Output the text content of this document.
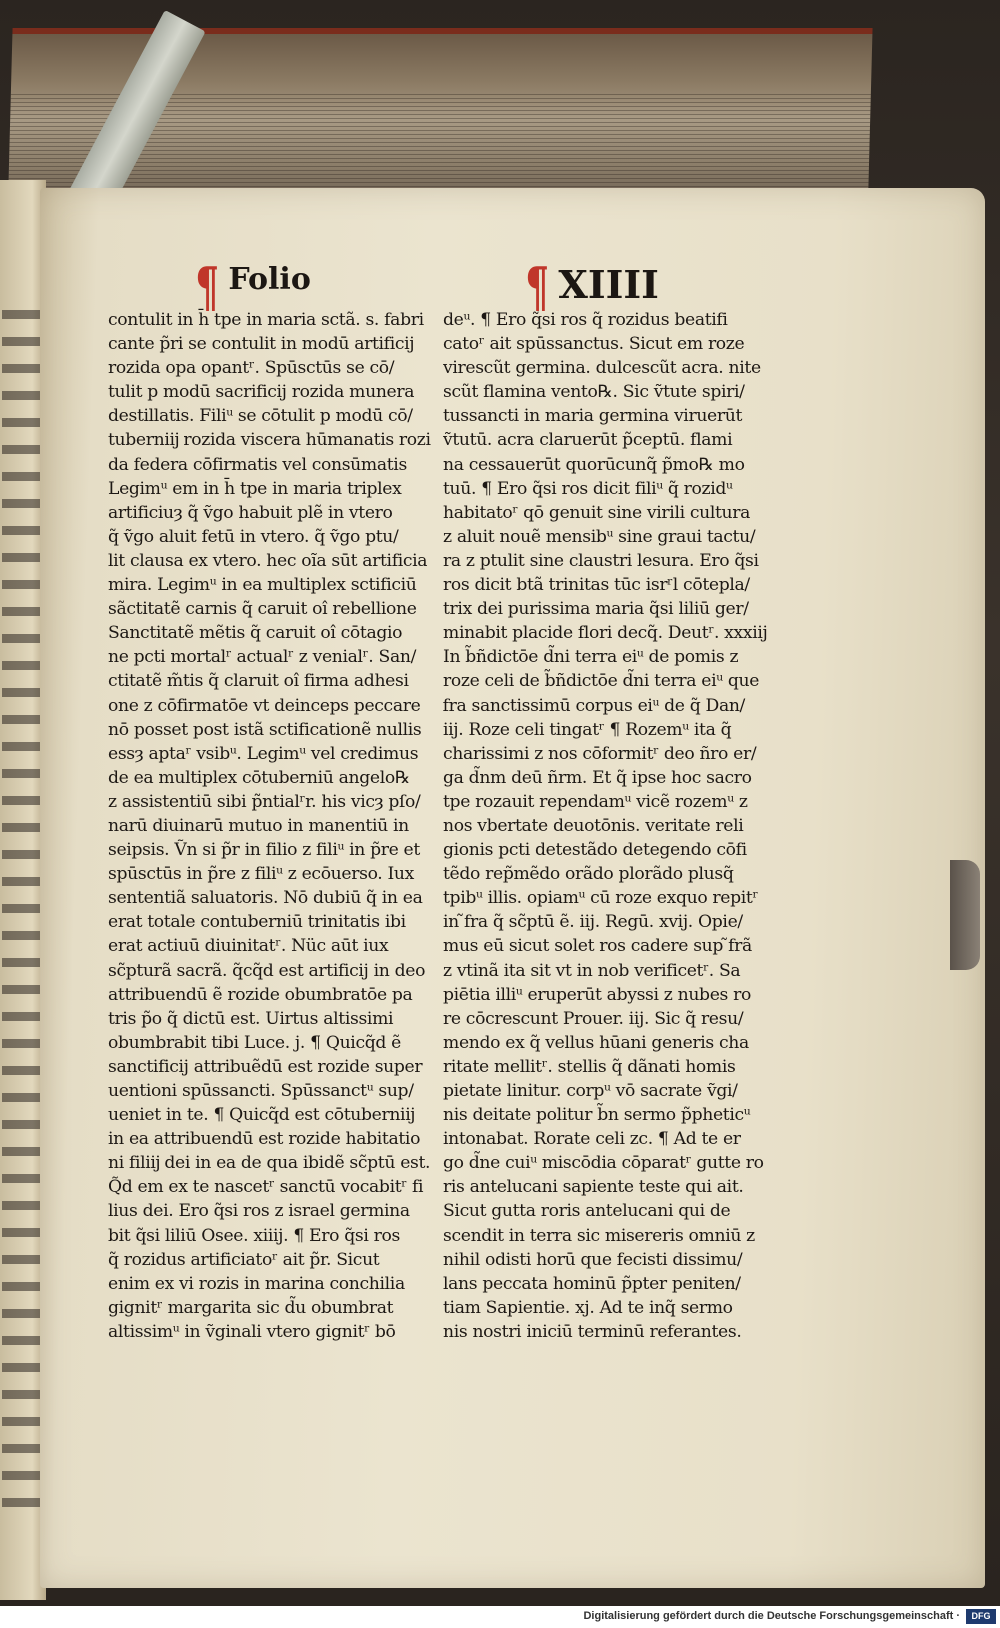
¶ Folio	¶ XIIII
contulit in h̄ tpe in maria sctã. s. fabri
cante p̃ri se contulit in modū artificij
rozida opa opantʳ. Spūsctūs se cō/
tulit p modū sacrificij rozida munera
destillatis. Filiᵘ se cōtulit p modū cō/
tuberniĳ rozida viscera hūmanatis rozi
da federa cōfirmatis vel consūmatis
Legimᵘ em in h̄ tpe in maria triplex
artificiuȝ q̃ ṽgo habuit plẽ in vtero
q̃ ṽgo aluit fetū in vtero. q̃ ṽgo ptu/
lit clausa ex vtero. hec oĩa sūt artificia
mira. Legimᵘ in ea multiplex sctificiū
sãctitatẽ carnis q̃ caruit oî rebellione
Sanctitatẽ mẽtis q̃ caruit oî cōtagio
ne pcti mortalʳ actualʳ z venialʳ. San/
ctitatẽ m̃tis q̃ claruit oî firma adhesi
one z cōfirmatōe vt deinceps peccare
nō posset post istã sctificationẽ nullis
essȝ aptaʳ vsibᵘ. Legimᵘ vel credimus
de ea multiplex cōtuberniū angelo℞
z assistentiū sibi p̃ntialʳr. his vicȝ pſo/
narū diuinarū mutuo in manentiū in
seipsis. Ṽn si p̃r in filio z filiᵘ in p̃re et
spūsctūs in p̃re z filiᵘ z ecōuerso. Iux
sententiã saluatoris. Nō dubiū q̃ in ea
erat totale contuberniū trinitatis ibi
erat actiuū diuinitatʳ. Nüc aūt iux
sc̃pturã sacrã. q̃cq̃d est artificij in deo
attribuendū ẽ rozide obumbratōe pa
tris p̃o q̃ dictū est. Uirtus altissimi
obumbrabit tibi Luce. j. ¶ Quicq̃d ẽ
sanctificij attribuẽdū est rozide super
uentioni spūssancti. Spūssanctᵘ sup/
ueniet in te. ¶ Quicq̃d est cōtuberniĳ
in ea attribuendū est rozide habitatio
ni filiĳ dei in ea de qua ibidẽ sc̃ptū est.
Q̃d em ex te nascetʳ sanctū vocabitʳ fi
lius dei. Ero q̃si ros z israel germina
bit q̃si liliū Osee. xiiij. ¶ Ero q̃si ros
q̃ rozidus artificiatoʳ ait p̃r. Sicut
enim ex vi rozis in marina conchilia
gignitʳ margarita sic d̃u obumbrat
altissimᵘ in ṽginali vtero gignitʳ bō
deᵘ. ¶ Ero q̃si ros q̃ rozidus beatifi
catoʳ ait spūssanctus. Sicut em roze
virescũt germina. dulcescũt acra. nite
scũt flamina vento℞. Sic ṽtute spiri/
tussancti in maria germina viruerūt
ṽtutū. acra claruerūt p̃ceptū. flami
na cessauerūt quorūcunq̃ p̃mo℞ mo
tuū. ¶ Ero q̃si ros dicit filiᵘ q̃ rozidᵘ
habitatoʳ qō genuit sine virili cultura
z aluit nouẽ mensibᵘ sine graui tactu/
ra z ptulit sine claustri lesura. Ero q̃si
ros dicit btã trinitas tūc isrʳl cōtepla/
trix dei purissima maria q̃si liliū ger/
minabit placide flori decq̃. Deutʳ. xxxiij
In b̃ñdictōe d̃ni terra eiᵘ de pomis z
roze celi de b̃ñdictōe d̃ni terra eiᵘ que
̃fra sanctissimū corpus eiᵘ de q̃ Dan/
iij. Roze celi tingatʳ ¶ Rozemᵘ ita q̃
charissimi z nos cōformitʳ deo ñro er/
ga d̃nm deū ñrm. Et q̃ ipse hoc sacro
tpe rozauit rependamᵘ vicẽ rozemᵘ z
nos vbertate deuotōnis. veritate reli
gionis pcti detestãdo detegendo cōfi
tẽdo rep̃mẽdo orãdo plorãdo plusq̃
tpibᵘ illis. opiamᵘ cū roze exquo repitʳ
in ̃fra q̃ sc̃ptū ẽ. iij. Regū. xvij. Opie/
mus eū sicut solet ros cadere sup ̃frã
z vtinã ita sit vt in nob verificetʳ. Sa
piētia illiᵘ eruperūt abyssi z nubes ro
re cōcrescunt Prouer. iij. Sic q̃ resu/
mendo ex q̃ vellus hūani generis cha
ritate mellitʳ. stellis q̃ dãnati homis
pietate linitur. corpᵘ vō sacrate ṽgi/
nis deitate politur b̃n sermo p̃pheticᵘ
intonabat. Rorate celi zc. ¶ Ad te er
go d̃ne cuiᵘ miscōdia cōparatʳ gutte ro
ris antelucani sapiente teste qui ait.
Sicut gutta roris antelucani qui de
scendit in terra sic misereris omniū z
nihil odisti horū que fecisti dissimu/
lans peccata hominū p̃pter peniten/
tiam Sapientie. xj. Ad te inq̃ sermo
nis nostri iniciū terminū referantes.
Digitalisierung gefördert durch die Deutsche Forschungsgemeinschaft ·	DFG
